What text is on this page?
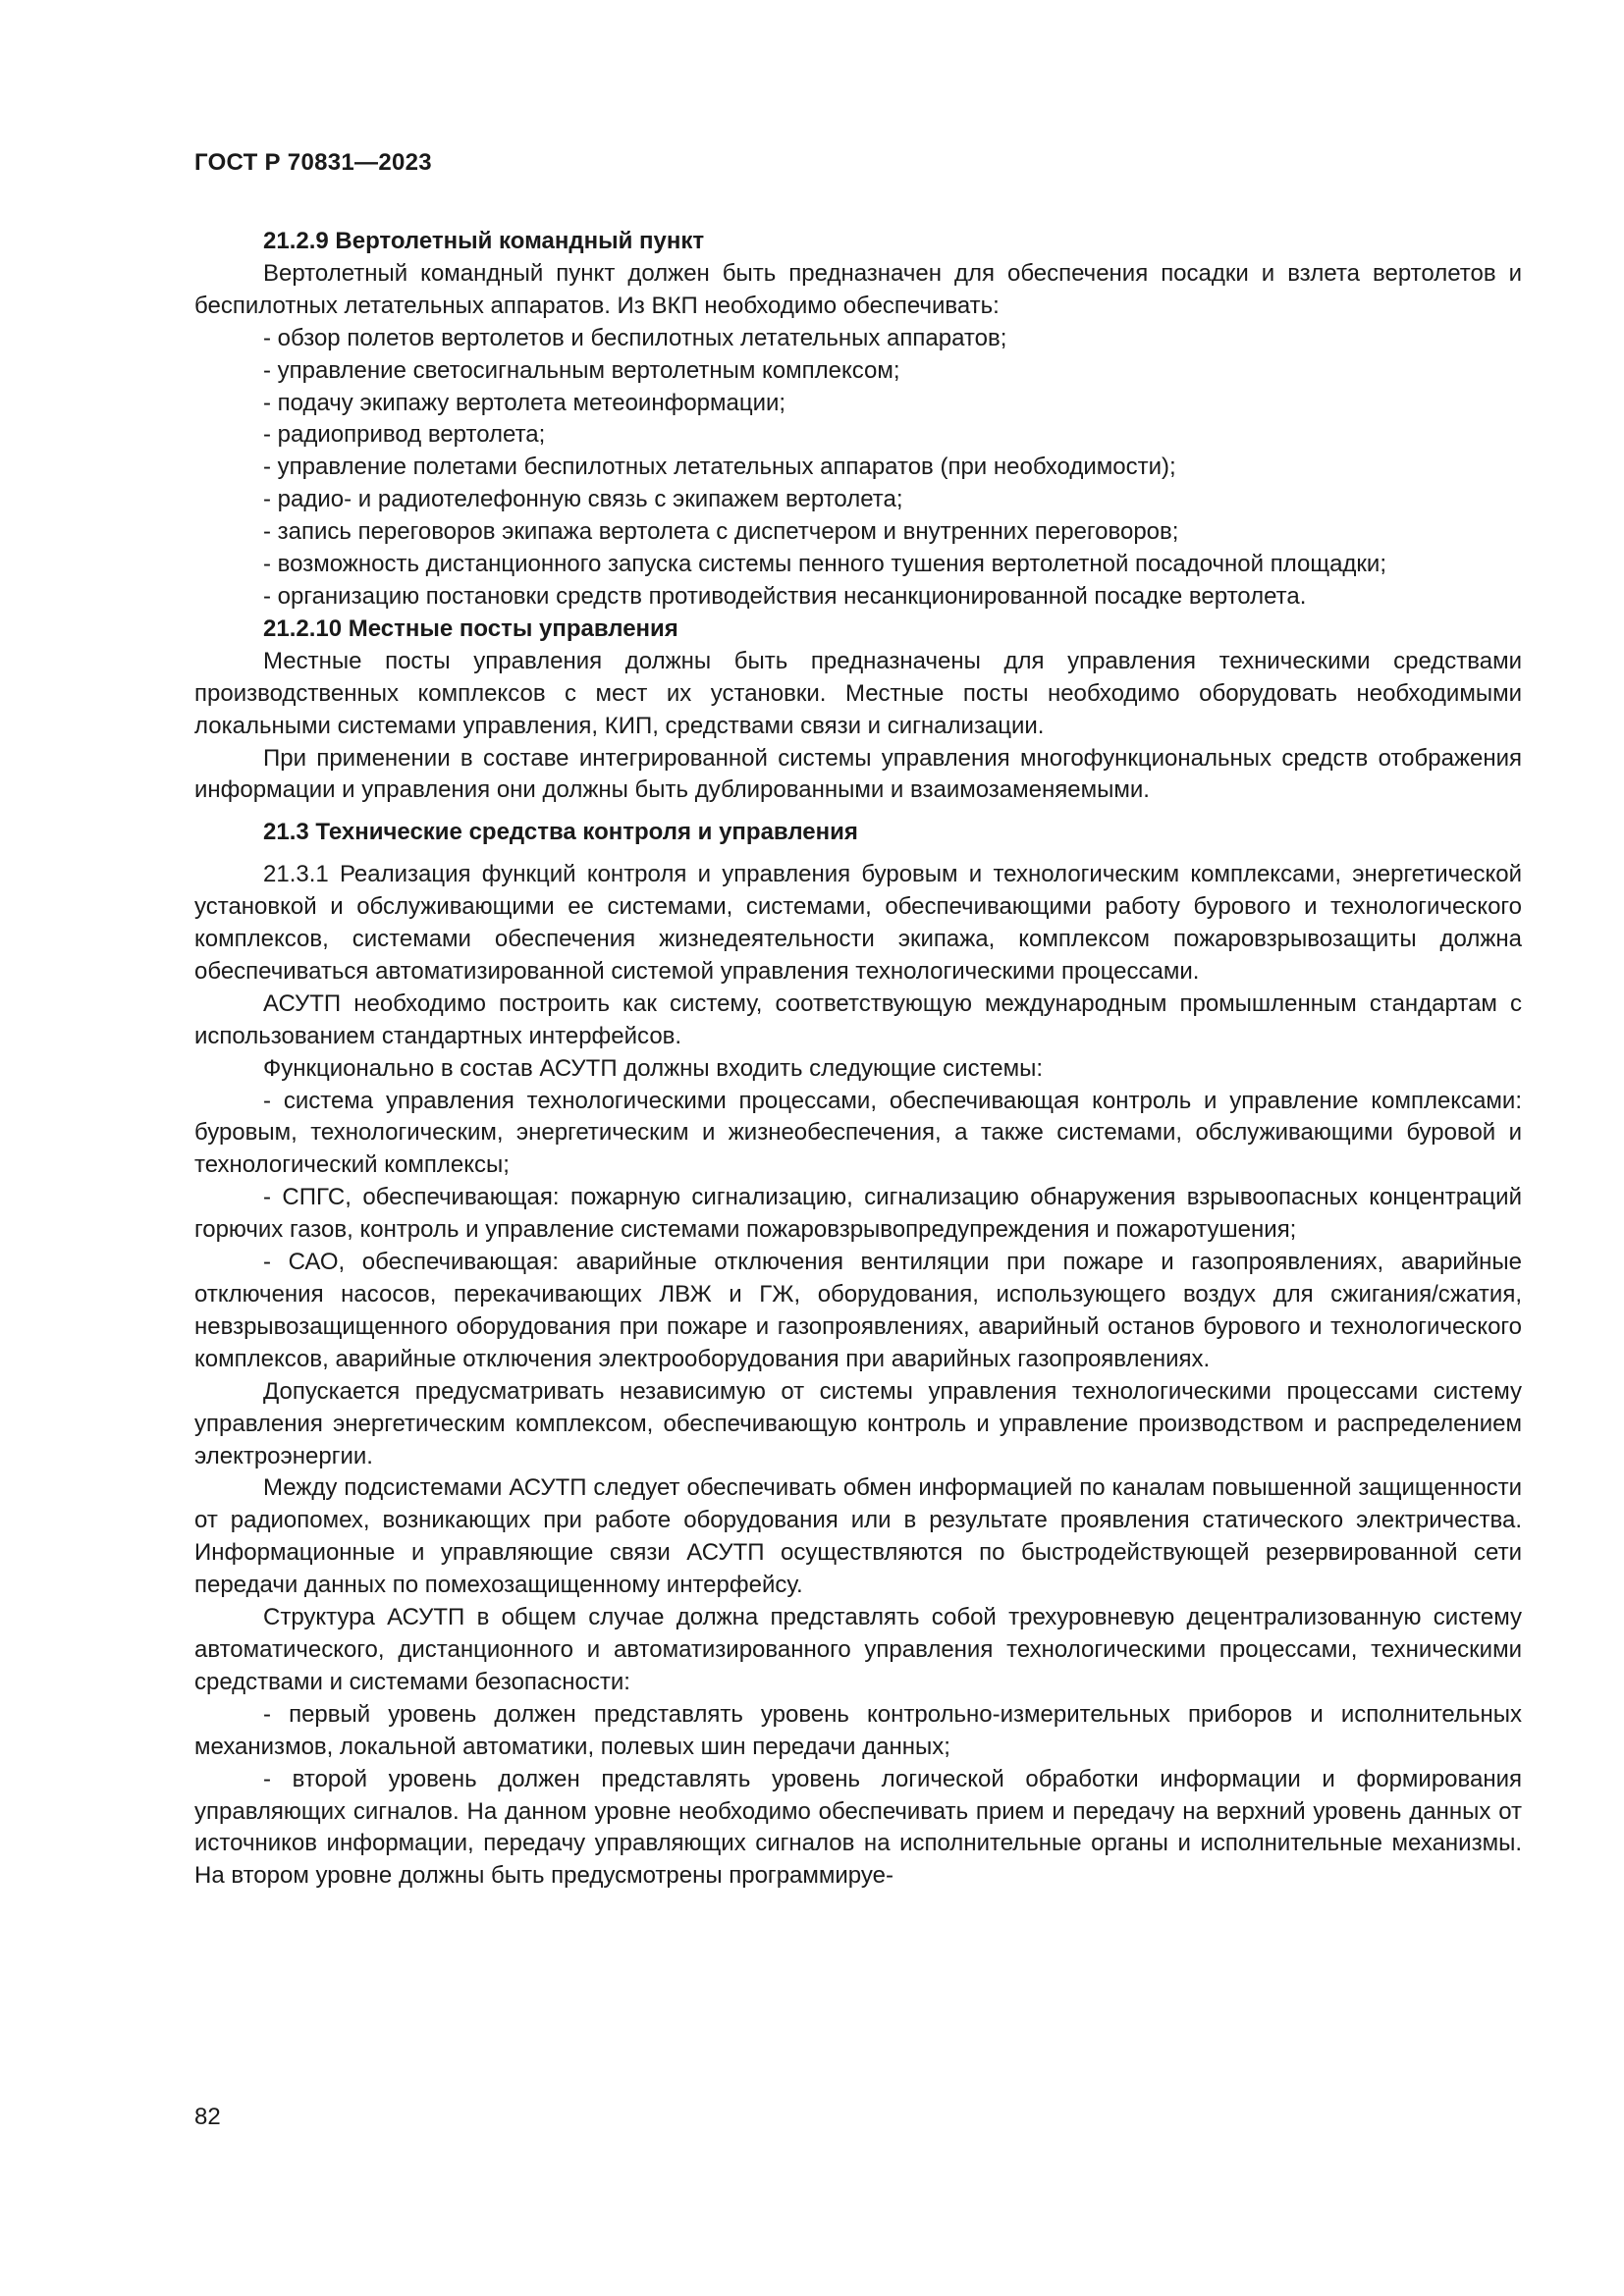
ГОСТ Р 70831—2023
21.2.9 Вертолетный командный пункт

Вертолетный командный пункт должен быть предназначен для обеспечения посадки и взлета вертолетов и беспилотных летательных аппаратов. Из ВКП необходимо обеспечивать:

- обзор полетов вертолетов и беспилотных летательных аппаратов;

- управление светосигнальным вертолетным комплексом;

- подачу экипажу вертолета метеоинформации;

- радиопривод вертолета;

- управление полетами беспилотных летательных аппаратов (при необходимости);

- радио- и радиотелефонную связь с экипажем вертолета;

- запись переговоров экипажа вертолета с диспетчером и внутренних переговоров;

- возможность дистанционного запуска системы пенного тушения вертолетной посадочной площадки;

- организацию постановки средств противодействия несанкционированной посадке вертолета.

21.2.10 Местные посты управления

Местные посты управления должны быть предназначены для управления техническими средствами производственных комплексов с мест их установки. Местные посты необходимо оборудовать необходимыми локальными системами управления, КИП, средствами связи и сигнализации.

При применении в составе интегрированной системы управления многофункциональных средств отображения информации и управления они должны быть дублированными и взаимозаменяемыми.

21.3 Технические средства контроля и управления

21.3.1 Реализация функций контроля и управления буровым и технологическим комплексами, энергетической установкой и обслуживающими ее системами, системами, обеспечивающими работу бурового и технологического комплексов, системами обеспечения жизнедеятельности экипажа, комплексом пожаровзрывозащиты должна обеспечиваться автоматизированной системой управления технологическими процессами.

АСУТП необходимо построить как систему, соответствующую международным промышленным стандартам с использованием стандартных интерфейсов.

Функционально в состав АСУТП должны входить следующие системы:

- система управления технологическими процессами, обеспечивающая контроль и управление комплексами: буровым, технологическим, энергетическим и жизнеобеспечения, а также системами, обслуживающими буровой и технологический комплексы;

- СПГС, обеспечивающая: пожарную сигнализацию, сигнализацию обнаружения взрывоопасных концентраций горючих газов, контроль и управление системами пожаровзрывопредупреждения и пожаротушения;

- САО, обеспечивающая: аварийные отключения вентиляции при пожаре и газопроявлениях, аварийные отключения насосов, перекачивающих ЛВЖ и ГЖ, оборудования, использующего воздух для сжигания/сжатия, невзрывозащищенного оборудования при пожаре и газопроявлениях, аварийный останов бурового и технологического комплексов, аварийные отключения электрооборудования при аварийных газопроявлениях.

Допускается предусматривать независимую от системы управления технологическими процессами систему управления энергетическим комплексом, обеспечивающую контроль и управление производством и распределением электроэнергии.

Между подсистемами АСУТП следует обеспечивать обмен информацией по каналам повышенной защищенности от радиопомех, возникающих при работе оборудования или в результате проявления статического электричества. Информационные и управляющие связи АСУТП осуществляются по быстродействующей резервированной сети передачи данных по помехозащищенному интерфейсу.

Структура АСУТП в общем случае должна представлять собой трехуровневую децентрализованную систему автоматического, дистанционного и автоматизированного управления технологическими процессами, техническими средствами и системами безопасности:

- первый уровень должен представлять уровень контрольно-измерительных приборов и исполнительных механизмов, локальной автоматики, полевых шин передачи данных;

- второй уровень должен представлять уровень логической обработки информации и формирования управляющих сигналов. На данном уровне необходимо обеспечивать прием и передачу на верхний уровень данных от источников информации, передачу управляющих сигналов на исполнительные органы и исполнительные механизмы. На втором уровне должны быть предусмотрены программируе-

82
